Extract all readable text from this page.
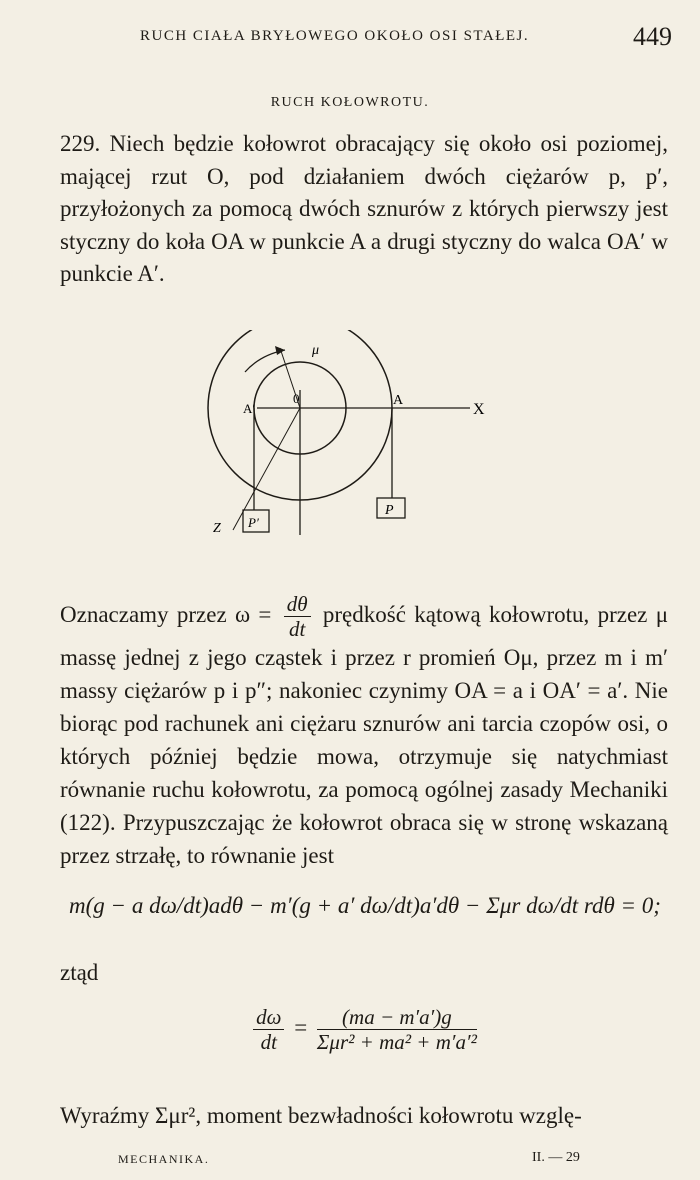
RUCH CIAŁA BRYŁOWEGO OKOŁO OSI STAŁEJ.	449
RUCH KOŁOWROTU.
229. Niech będzie kołowrot obracający się około osi poziomej, mającej rzut O, pod działaniem dwóch ciężarów p, p′, przyłożonych za pomocą dwóch sznurów z których pierwszy jest styczny do koła OA w punkcie A a drugi styczny do walca OA′ w punkcie A′.
μ
0
A′
A
X
Z P′
P
Oznaczamy przez $\omega = \frac{d\theta}{dt}$ prędkość kątową kołowrotu, przez μ massę jednej z jego cząstek i przez r promień Oμ, przez m i m′ massy ciężarów p i p″; nakoniec czynimy OA = a i OA′ = a′. Nie biorąc pod rachunek ani ciężaru sznurów ani tarcia czopów osi, o których później będzie mowa, otrzymuje się natychmiast równanie ruchu kołowrotu, za pomocą ogólnej zasady Mechaniki (122). Przypuszczając że kołowrot obraca się w stronę wskazaną przez strzałę, to równanie jest
m(g − a dω/dt)adθ − m′(g + a′ dω/dt)a′dθ − Σμr dω/dt rdθ = 0;
ztąd
$\frac{d\omega}{dt} = \frac{(ma - m'a')g}{\text{Σμr² + ma² + m′a′²}}$
Wyraźmy Σμr², moment bezwładności kołowrotu wzglę-
MECHANIKA.	II. — 29
